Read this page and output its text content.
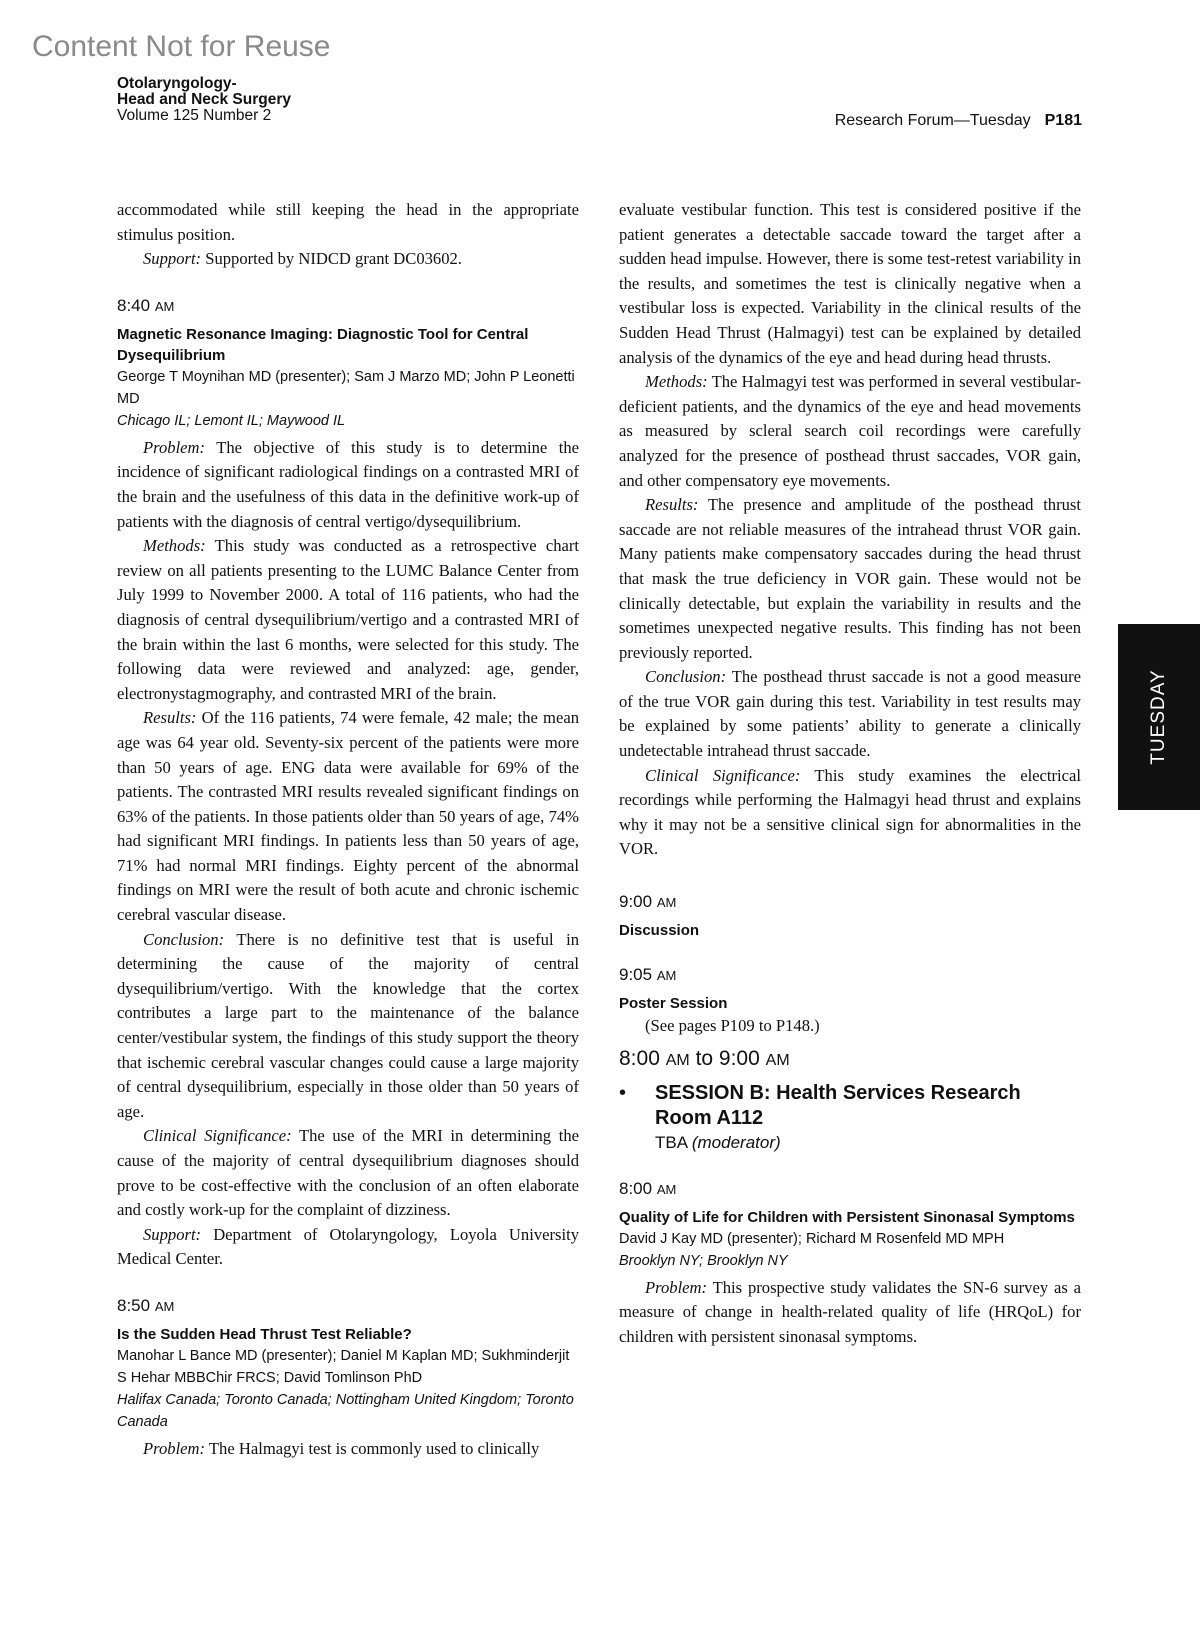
Content Not for Reuse
Otolaryngology-
Head and Neck Surgery
Volume 125 Number 2	Research Forum—Tuesday P181
TUESDAY

accommodated while still keeping the head in the appropriate stimulus position.

Support: Supported by NIDCD grant DC03602.

8:40 AM
Magnetic Resonance Imaging: Diagnostic Tool for Central Dysequilibrium
George T Moynihan MD (presenter); Sam J Marzo MD; John P Leonetti MD
Chicago IL; Lemont IL; Maywood IL

Problem: The objective of this study is to determine the incidence of significant radiological findings on a contrasted MRI of the brain and the usefulness of this data in the definitive work-up of patients with the diagnosis of central vertigo/dysequilibrium.

Methods: This study was conducted as a retrospective chart review on all patients presenting to the LUMC Balance Center from July 1999 to November 2000. A total of 116 patients, who had the diagnosis of central dysequilibrium/vertigo and a contrasted MRI of the brain within the last 6 months, were selected for this study. The following data were reviewed and analyzed: age, gender, electronystagmography, and contrasted MRI of the brain.

Results: Of the 116 patients, 74 were female, 42 male; the mean age was 64 year old. Seventy-six percent of the patients were more than 50 years of age. ENG data were available for 69% of the patients. The contrasted MRI results revealed significant findings on 63% of the patients. In those patients older than 50 years of age, 74% had significant MRI findings. In patients less than 50 years of age, 71% had normal MRI findings. Eighty percent of the abnormal findings on MRI were the result of both acute and chronic ischemic cerebral vascular disease.

Conclusion: There is no definitive test that is useful in determining the cause of the majority of central dysequilibrium/vertigo. With the knowledge that the cortex contributes a large part to the maintenance of the balance center/vestibular system, the findings of this study support the theory that ischemic cerebral vascular changes could cause a large majority of central dysequilibrium, especially in those older than 50 years of age.

Clinical Significance: The use of the MRI in determining the cause of the majority of central dysequilibrium diagnoses should prove to be cost-effective with the conclusion of an often elaborate and costly work-up for the complaint of dizziness.

Support: Department of Otolaryngology, Loyola University Medical Center.

8:50 AM
Is the Sudden Head Thrust Test Reliable?
Manohar L Bance MD (presenter); Daniel M Kaplan MD; Sukhminderjit S Hehar MBBChir FRCS; David Tomlinson PhD
Halifax Canada; Toronto Canada; Nottingham United Kingdom; Toronto Canada

Problem: The Halmagyi test is commonly used to clinically

evaluate vestibular function. This test is considered positive if the patient generates a detectable saccade toward the target after a sudden head impulse. However, there is some test-retest variability in the results, and sometimes the test is clinically negative when a vestibular loss is expected. Variability in the clinical results of the Sudden Head Thrust (Halmagyi) test can be explained by detailed analysis of the dynamics of the eye and head during head thrusts.

Methods: The Halmagyi test was performed in several vestibular-deficient patients, and the dynamics of the eye and head movements as measured by scleral search coil recordings were carefully analyzed for the presence of posthead thrust saccades, VOR gain, and other compensatory eye movements.

Results: The presence and amplitude of the posthead thrust saccade are not reliable measures of the intrahead thrust VOR gain. Many patients make compensatory saccades during the head thrust that mask the true deficiency in VOR gain. These would not be clinically detectable, but explain the variability in results and the sometimes unexpected negative results. This finding has not been previously reported.

Conclusion: The posthead thrust saccade is not a good measure of the true VOR gain during this test. Variability in test results may be explained by some patients’ ability to generate a clinically undetectable intrahead thrust saccade.

Clinical Significance: This study examines the electrical recordings while performing the Halmagyi head thrust and explains why it may not be a sensitive clinical sign for abnormalities in the VOR.

9:00 AM
Discussion
9:05 AM
Poster Session

(See pages P109 to P148.)

8:00 AM to 9:00 AM
•	SESSION B: Health Services Research
Room A112
TBA (moderator)
8:00 AM
Quality of Life for Children with Persistent Sinonasal Symptoms
David J Kay MD (presenter); Richard M Rosenfeld MD MPH
Brooklyn NY; Brooklyn NY

Problem: This prospective study validates the SN-6 survey as a measure of change in health-related quality of life (HRQoL) for children with persistent sinonasal symptoms.
